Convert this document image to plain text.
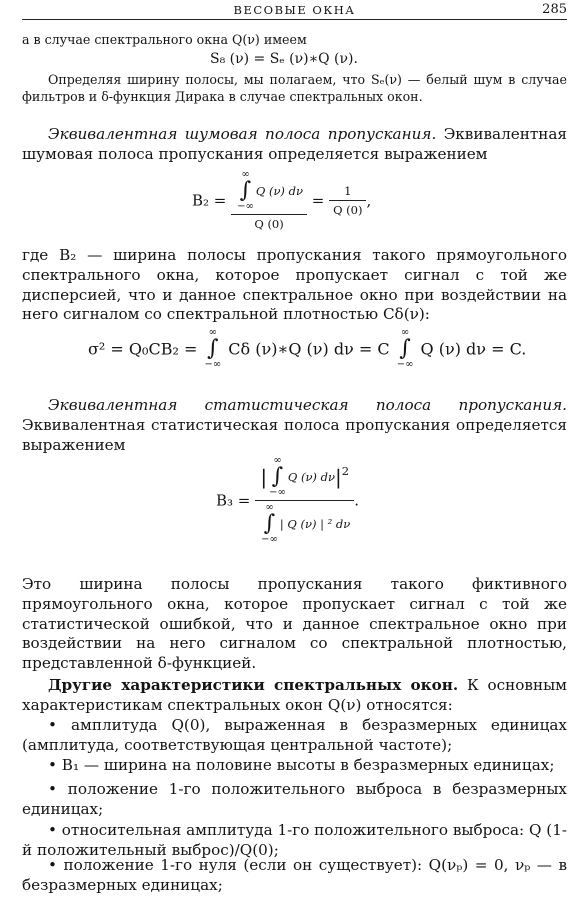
ВЕСОВЫЕ ОКНА	285

а в случае спектрального окна Q(ν) имеем

S₈ (ν) = Sₑ (ν)∗Q (ν).

Определяя ширину полосы, мы полагаем, что Sₑ(ν) — белый шум в случае фильтров и δ-функция Дирака в случае спектральных окон.

Эквивалентная шумовая полоса пропускания. Эквивалентная шумовая полоса пропускания определяется выражением

B₂ = ∞
∫
−∞
Q (ν) dν
Q $(0) = \frac{1}{Q (0)}$ ,

где B₂ — ширина полосы пропускания такого прямоугольного спектрального окна, которое пропускает сигнал с той же дисперсией, что и данное спектральное окно при воздействии на него сигналом со спектральной плотностью Cδ(ν):

σ² = Q₀CB₂ =
∞
∫
−∞
Cδ (ν)∗Q (ν) dν = C
∞
∫
−∞
Q (ν) dν = C.

Эквивалентная статистическая полоса пропускания. Эквивалентная статистическая полоса пропускания определяется выражением

B₃ = |
∞
∫
−∞
Q (ν) $d\nu|^2$
∞
∫
−∞
| Q (ν) | ² dν .

Это ширина полосы пропускания такого фиктивного прямоугольного окна, которое пропускает сигнал с той же статистической ошибкой, что и данное спектральное окно при воздействии на него сигналом со спектральной плотностью, представленной δ-функцией.

Другие характеристики спектральных окон. К основным характеристикам спектральных окон Q(ν) относятся:

• амплитуда Q(0), выраженная в безразмерных единицах (амплитуда, соответствующая центральной частоте);

• B₁ — ширина на половине высоты в безразмерных единицах;

• положение 1-го положительного выброса в безразмерных единицах;

• относительная амплитуда 1-го положительного выброса: Q (1-й положительный выброс)/Q(0);

• положение 1-го нуля (если он существует): Q(νₚ) = 0, νₚ — в безразмерных единицах;
